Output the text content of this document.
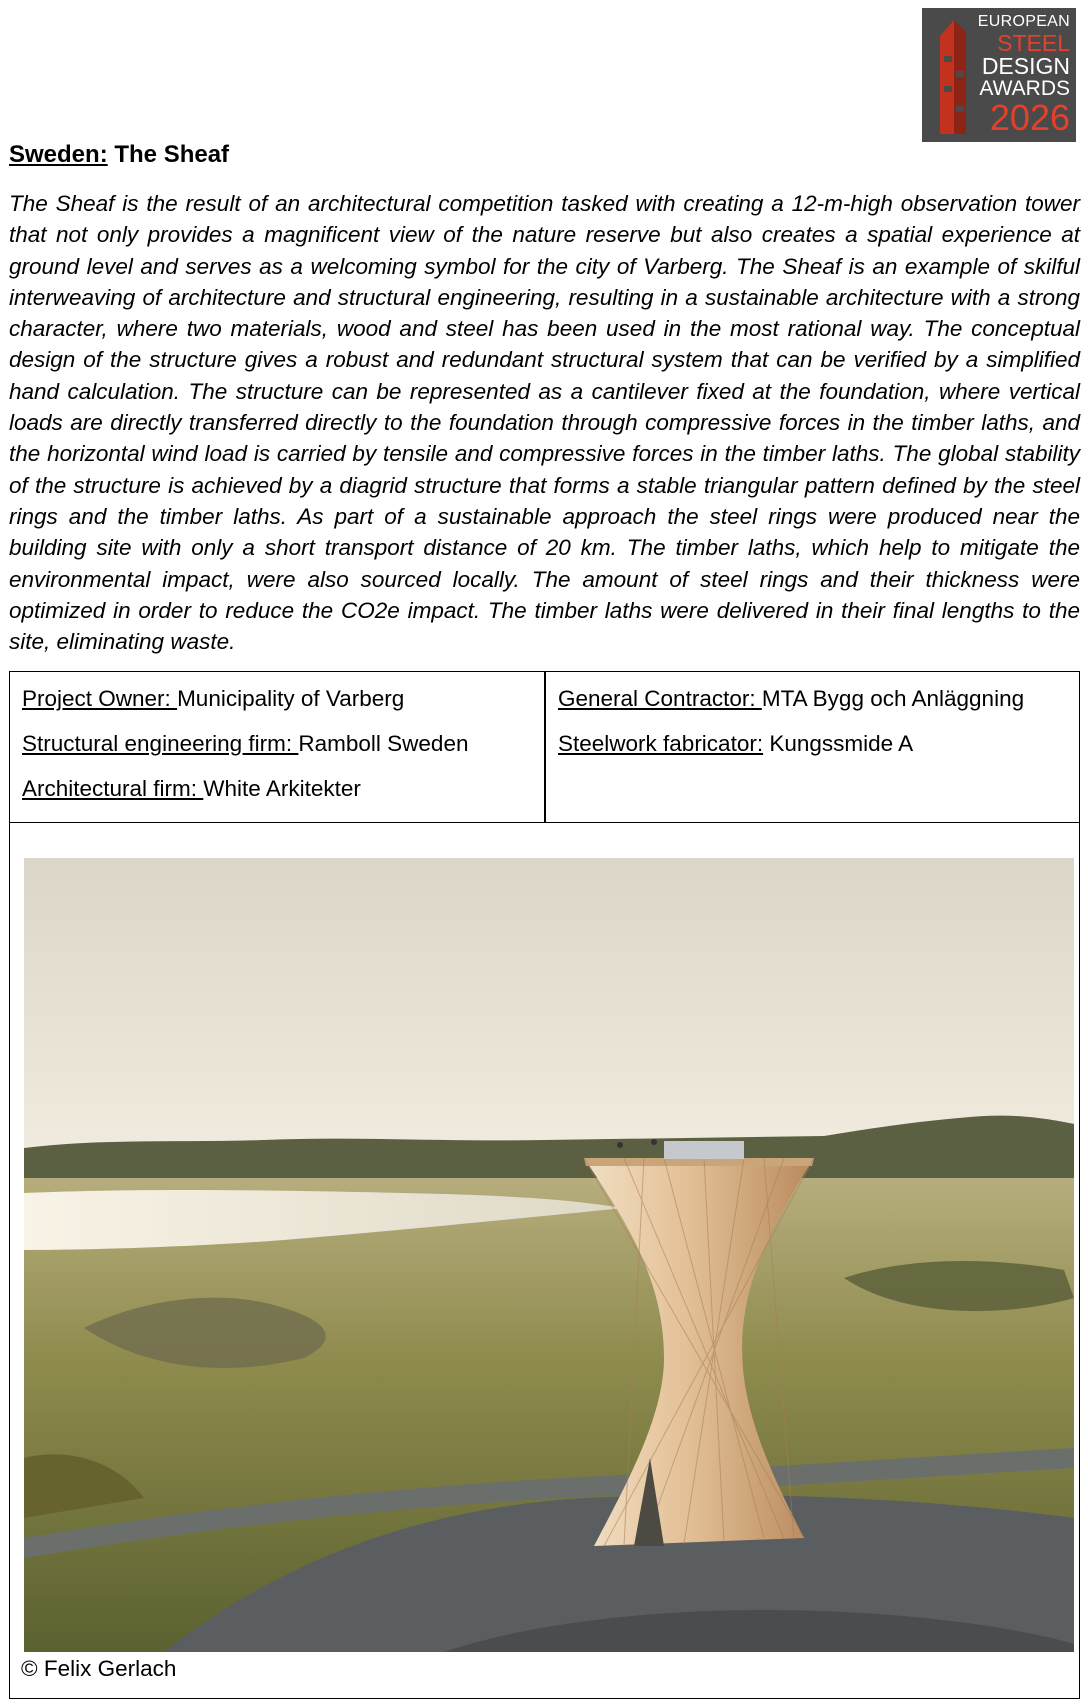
EUROPEAN
STEEL
DESIGN
AWARDS
2026
Sweden: The Sheaf

The Sheaf is the result of an architectural competition tasked with creating a 12-m-high observation tower that not only provides a magnificent view of the nature reserve but also creates a spatial experience at ground level and serves as a welcoming symbol for the city of Varberg. The Sheaf is an example of skilful interweaving of architecture and structural engineering, resulting in a sustainable architecture with a strong character, where two materials, wood and steel has been used in the most rational way. The conceptual design of the structure gives a robust and redundant structural system that can be verified by a simplified hand calculation. The structure can be represented as a cantilever fixed at the foundation, where vertical loads are directly transferred directly to the foundation through compressive forces in the timber laths, and the horizontal wind load is carried by tensile and compressive forces in the timber laths. The global stability of the structure is achieved by a diagrid structure that forms a stable triangular pattern defined by the steel rings and the timber laths. As part of a sustainable approach the steel rings were produced near the building site with only a short transport distance of 20 km. The timber laths, which help to mitigate the environmental impact, were also sourced locally. The amount of steel rings and their thickness were optimized in order to reduce the CO2e impact. The timber laths were delivered in their final lengths to the site, eliminating waste.

Project Owner: Municipality of Varberg
Structural engineering firm: Ramboll Sweden
Architectural firm: White Arkitekter
General Contractor: MTA Bygg och Anläggning
Steelwork fabricator: Kungssmide A
© Felix Gerlach
